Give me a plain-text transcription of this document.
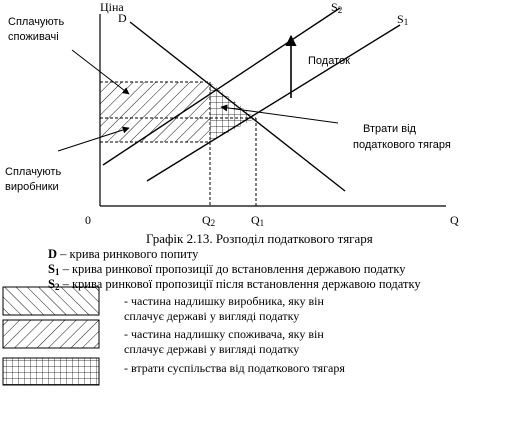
Ціна
Q
0	$Q_2$	$Q_1$
D
$S_2$
$S_1$
Сплачують
споживачі
Податок
Втрати від
податкового тягаря
Сплачують
виробники
Графік 2.13. Розподіл податкового тягаря
D – крива ринкового попиту
$S_1$ – крива ринкової пропозиції до встановлення державою податку
$S_2$ – крива ринкової пропозиції після встановлення державою податку
- частина надлишку виробника, яку він
сплачує державі у вигляді податку
- частина надлишку споживача, яку він
сплачує державі у вигляді податку
- втрати суспільства від податкового тягаря
